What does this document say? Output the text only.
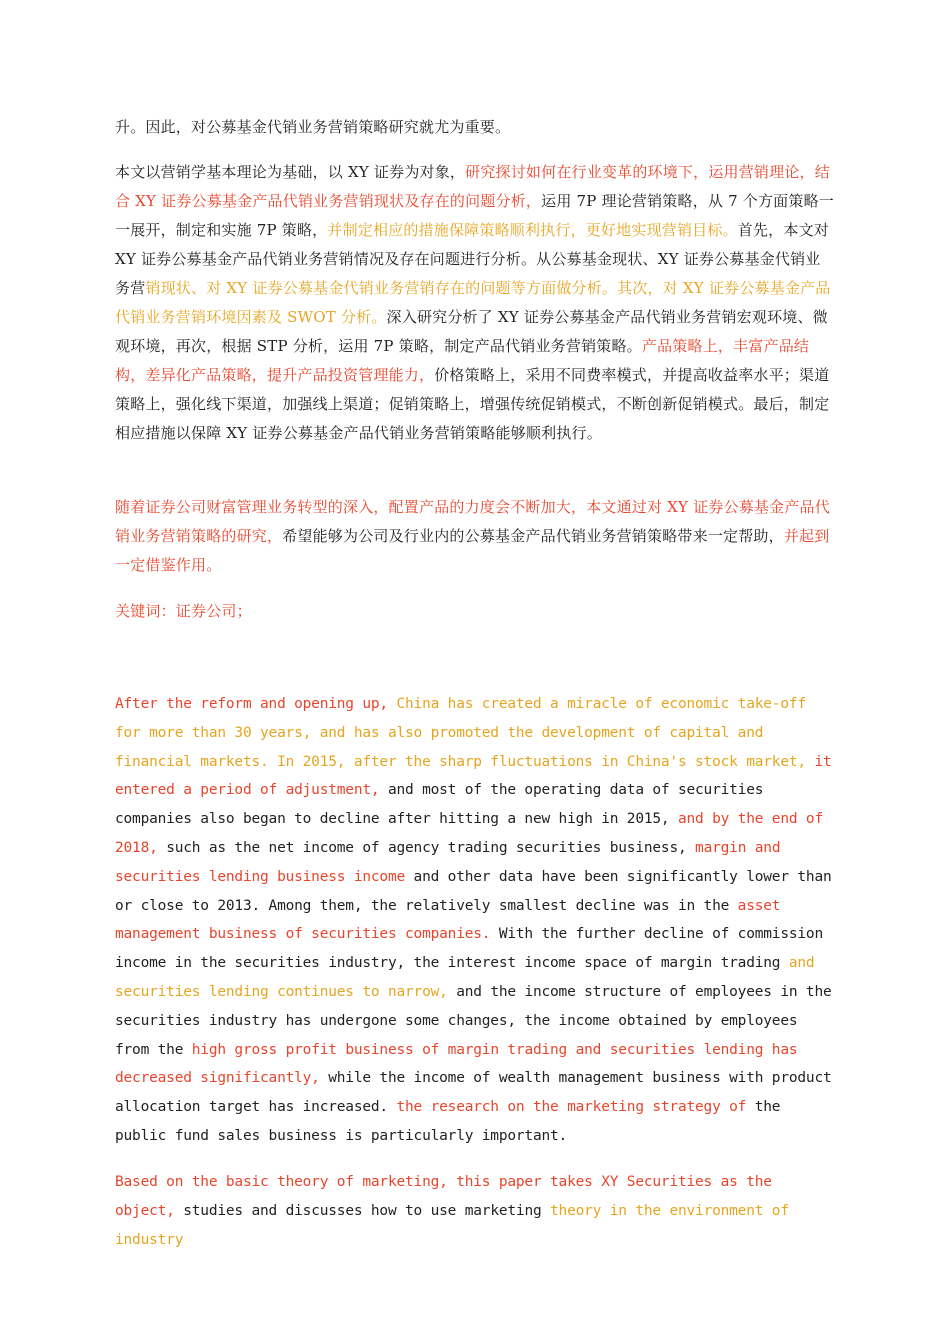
升。因此，对公募基金代销业务营销策略研究就尤为重要。

本文以营销学基本理论为基础，以 XY 证券为对象，研究探讨如何在行业变革的环境下，运用营销理论，结合 XY 证券公募基金产品代销业务营销现状及存在的问题分析，运用 7P 理论营销策略，从 7 个方面策略一一展开，制定和实施 7P 策略，并制定相应的措施保障策略顺利执行，更好地实现营销目标。首先，本文对 XY 证券公募基金产品代销业务营销情况及存在问题进行分析。从公募基金现状、XY 证券公募基金代销业务营销现状、对 XY 证券公募基金代销业务营销存在的问题等方面做分析。其次，对 XY 证券公募基金产品代销业务营销环境因素及 SWOT 分析。深入研究分析了 XY 证券公募基金产品代销业务营销宏观环境、微观环境，再次，根据 STP 分析，运用 7P 策略，制定产品代销业务营销策略。产品策略上，丰富产品结构，差异化产品策略，提升产品投资管理能力，价格策略上，采用不同费率模式，并提高收益率水平；渠道策略上，强化线下渠道，加强线上渠道；促销策略上，增强传统促销模式，不断创新促销模式。最后，制定相应措施以保障 XY 证券公募基金产品代销业务营销策略能够顺利执行。

随着证券公司财富管理业务转型的深入，配置产品的力度会不断加大，本文通过对 XY 证券公募基金产品代销业务营销策略的研究，希望能够为公司及行业内的公募基金产品代销业务营销策略带来一定帮助，并起到一定借鉴作用。

关键词：证券公司；

After the reform and opening up, China has created a miracle of economic take-off for more than 30 years, and has also promoted the development of capital and financial markets. In 2015, after the sharp fluctuations in China's stock market, it entered a period of adjustment, and most of the operating data of securities companies also began to decline after hitting a new high in 2015, and by the end of 2018, such as the net income of agency trading securities business, margin and securities lending business income and other data have been significantly lower than or close to 2013. Among them, the relatively smallest decline was in the asset management business of securities companies. With the further decline of commission income in the securities industry, the interest income space of margin trading and securities lending continues to narrow, and the income structure of employees in the securities industry has undergone some changes, the income obtained by employees from the high gross profit business of margin trading and securities lending has decreased significantly, while the income of wealth management business with product allocation target has increased. the research on the marketing strategy of the public fund sales business is particularly important.

Based on the basic theory of marketing, this paper takes XY Securities as the object, studies and discusses how to use marketing theory in the environment of industry
